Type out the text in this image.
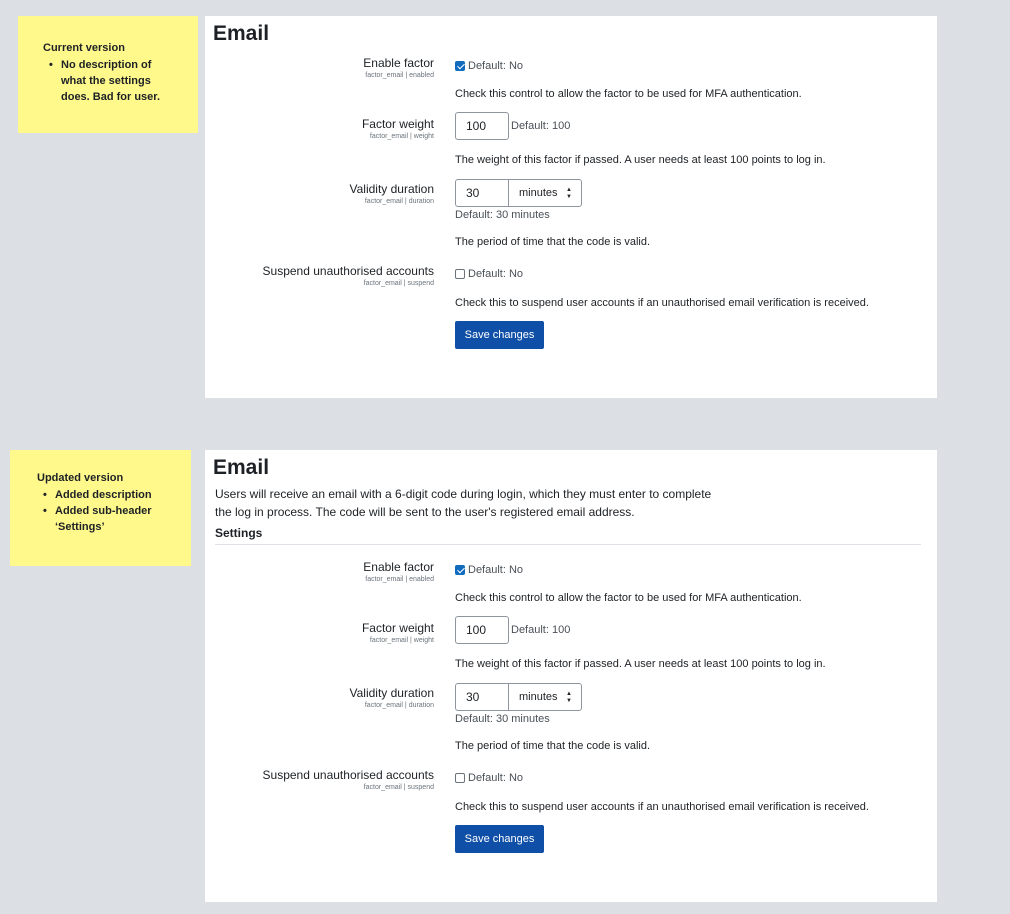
Current version
• No description of what the settings does. Bad for user.
Updated version
• Added description
• Added sub-header ‘Settings’
Email
Enable factor
factor_email | enabled
Default: No
Check this control to allow the factor to be used for MFA authentication.
Factor weight
factor_email | weight
100	Default: 100
The weight of this factor if passed. A user needs at least 100 points to log in.
Validity duration
factor_email | duration
30	minutes ▲
▼
Default: 30 minutes
The period of time that the code is valid.
Suspend unauthorised accounts
factor_email | suspend
Default: No
Check this to suspend user accounts if an unauthorised email verification is received.
Save changes
Email
Users will receive an email with a 6-digit code during login, which they must enter to complete
the log in process. The code will be sent to the user's registered email address.
Settings
Enable factor
factor_email | enabled
Default: No
Check this control to allow the factor to be used for MFA authentication.
Factor weight
factor_email | weight
100	Default: 100
The weight of this factor if passed. A user needs at least 100 points to log in.
Validity duration
factor_email | duration
30	minutes ▲
▼
Default: 30 minutes
The period of time that the code is valid.
Suspend unauthorised accounts
factor_email | suspend
Default: No
Check this to suspend user accounts if an unauthorised email verification is received.
Save changes
